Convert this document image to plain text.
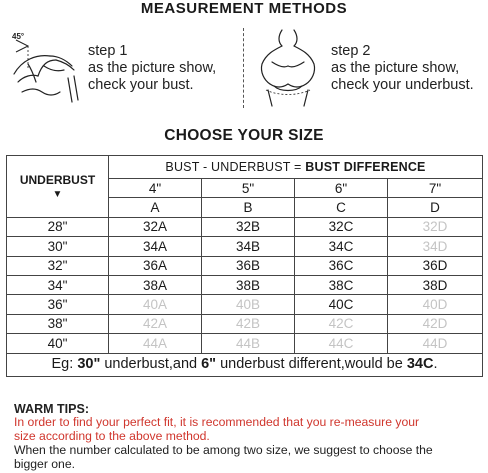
MEASUREMENT METHODS
45°
step 1
as the picture show,
check your bust.
step 2
as the picture show,
check your underbust.
CHOOSE YOUR SIZE
UNDERBUST
▼	BUST - UNDERBUST = BUST DIFFERENCE			
	4"	5"	6"	7"
	A	B	C	D
28"	32A	32B	32C	32D
30"	34A	34B	34C	34D
32"	36A	36B	36C	36D
34"	38A	38B	38C	38D
36"	40A	40B	40C	40D
38"	42A	42B	42C	42D
40"	44A	44B	44C	44D
Eg: 30" underbust,and 6" underbust different,would be 34C.				
WARM TIPS:
In order to find your perfect fit, it is recommended that you re-measure your
size according to the above method.
When the number calculated to be among two size, we suggest to choose the
bigger one.
